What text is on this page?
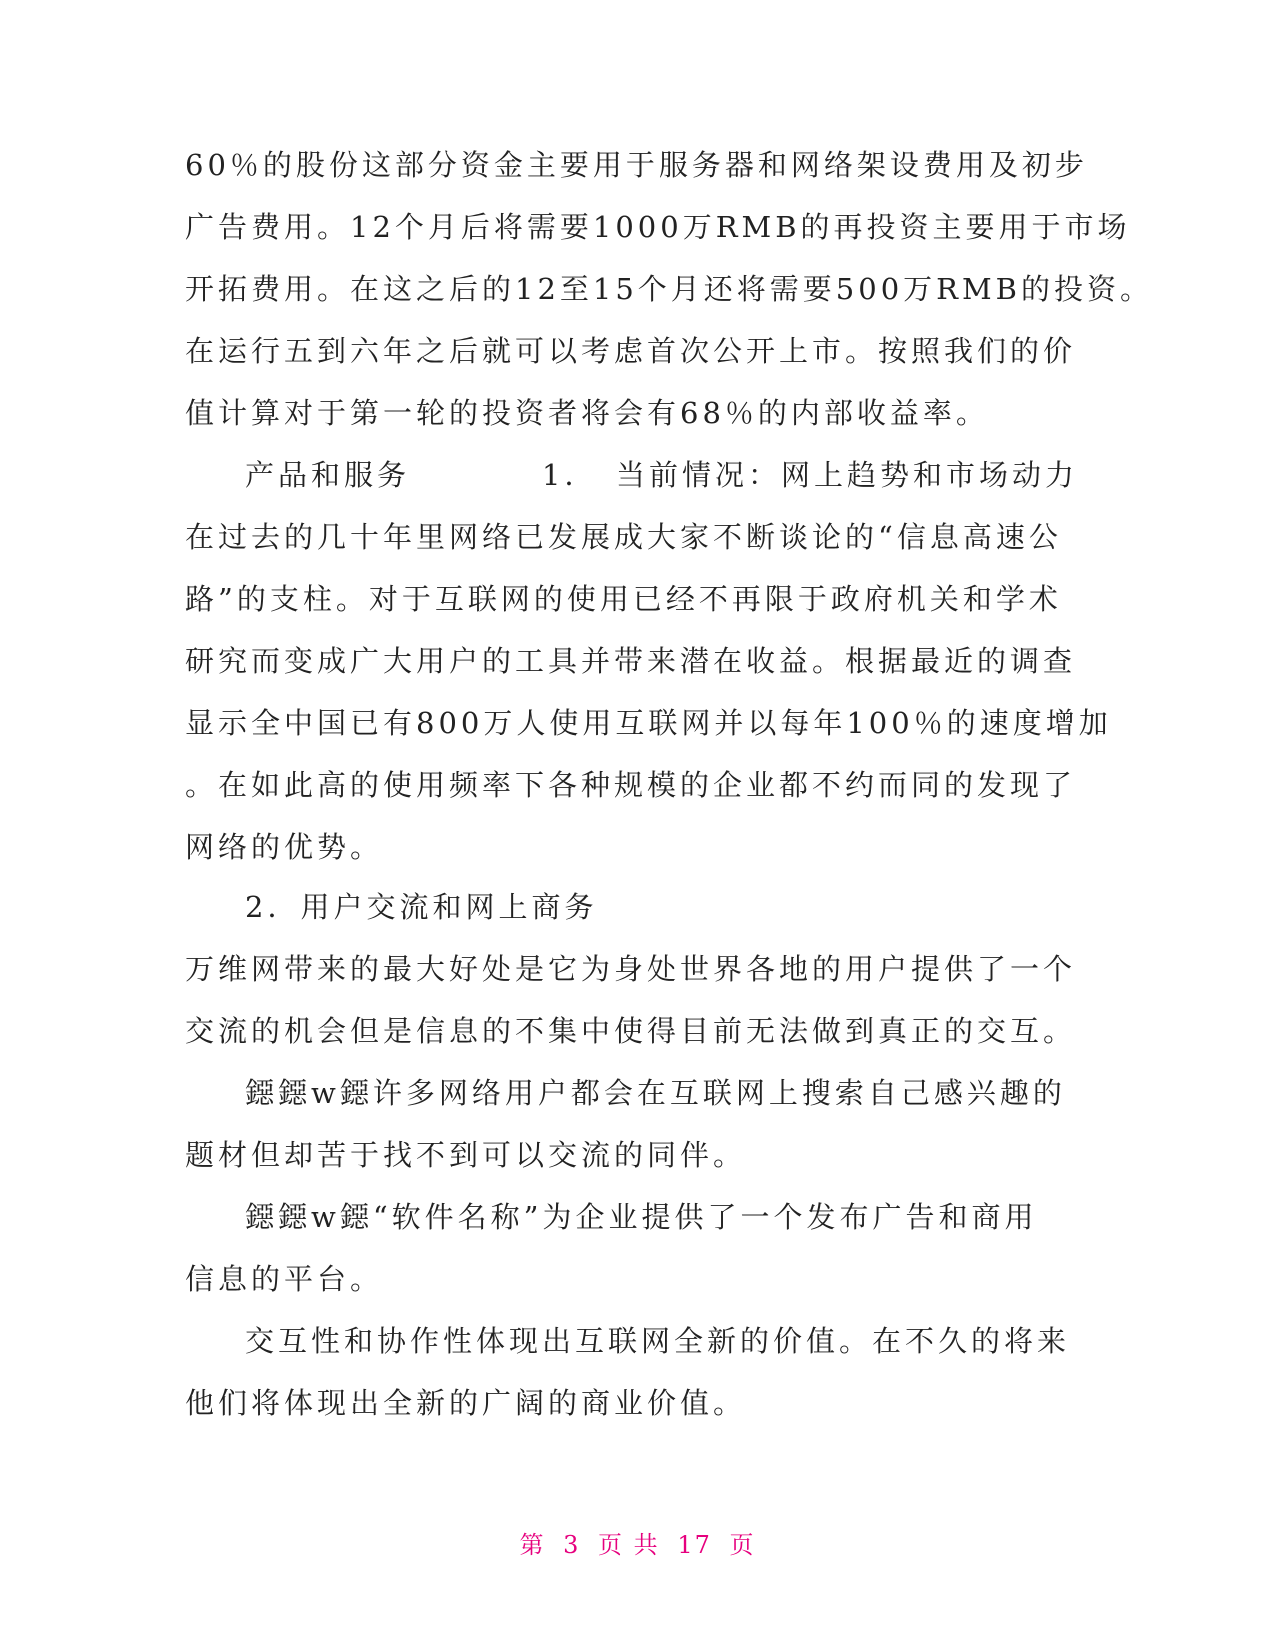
60％的股份这部分资金主要用于服务器和网络架设费用及初步
广告费用。12个月后将需要1000万RMB的再投资主要用于市场
开拓费用。在这之后的12至15个月还将需要500万RMB的投资。
在运行五到六年之后就可以考虑首次公开上市。按照我们的价
值计算对于第一轮的投资者将会有68％的内部收益率。
产品和服务　　　　1．　当前情况：网上趋势和市场动力
在过去的几十年里网络已发展成大家不断谈论的“信息高速公
路”的支柱。对于互联网的使用已经不再限于政府机关和学术
研究而变成广大用户的工具并带来潜在收益。根据最近的调查
显示全中国已有800万人使用互联网并以每年100％的速度增加
。在如此高的使用频率下各种规模的企业都不约而同的发现了
网络的优势。
2．用户交流和网上商务
万维网带来的最大好处是它为身处世界各地的用户提供了一个
交流的机会但是信息的不集中使得目前无法做到真正的交互。
鐚鐚w鐚许多网络用户都会在互联网上搜索自己感兴趣的
题材但却苦于找不到可以交流的同伴。
鐚鐚w鐚“软件名称”为企业提供了一个发布广告和商用
信息的平台。
交互性和协作性体现出互联网全新的价值。在不久的将来
他们将体现出全新的广阔的商业价值。
第 3 页 共 17 页
